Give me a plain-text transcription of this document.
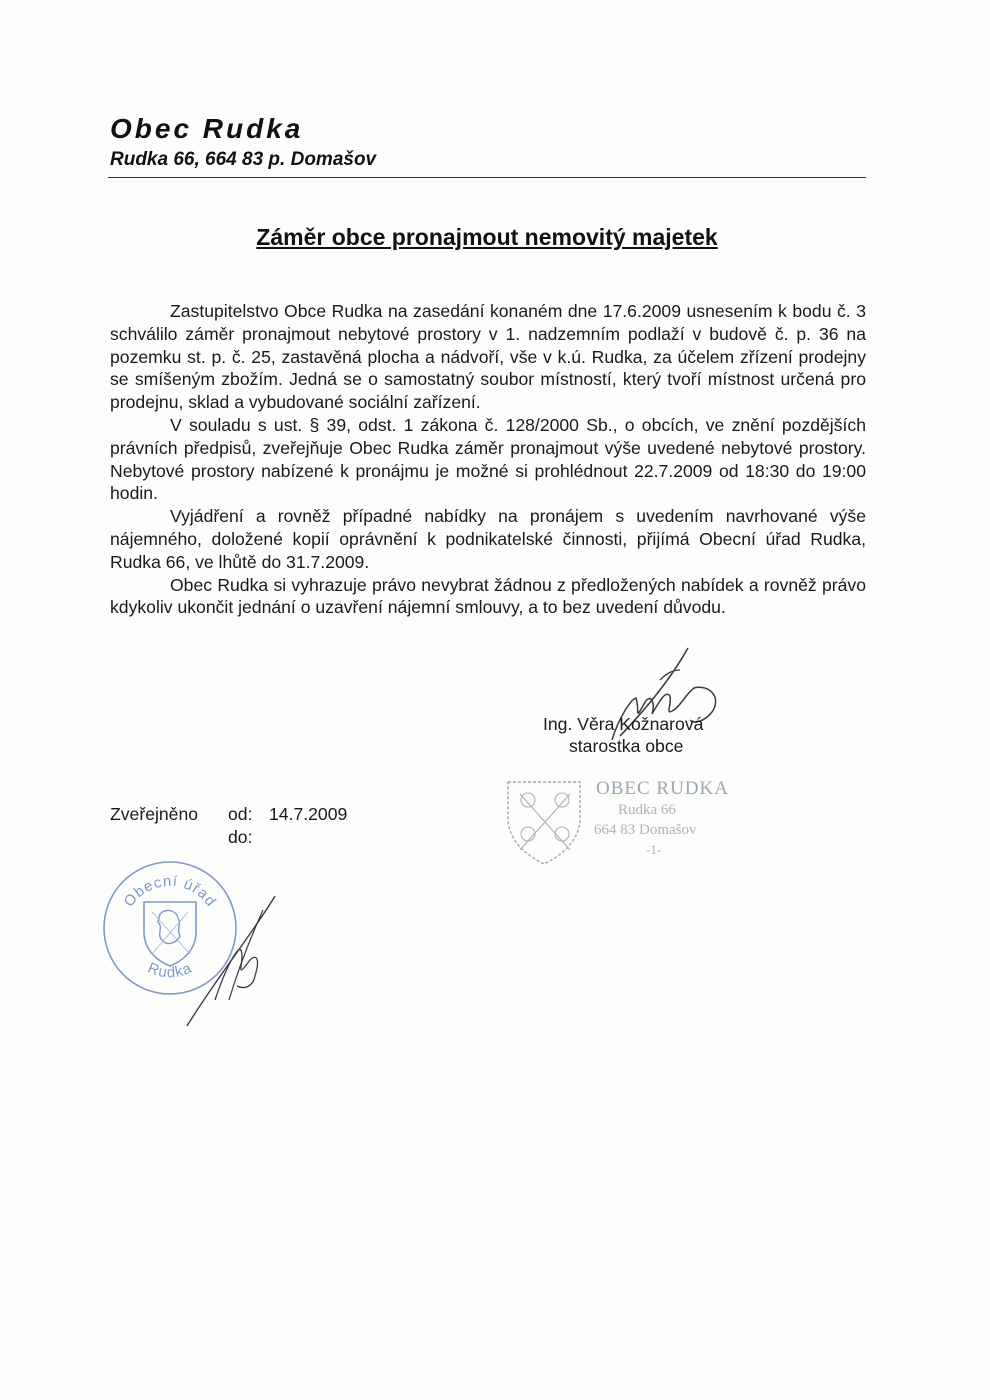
Obec Rudka
Rudka 66, 664 83 p. Domašov
Záměr obce pronajmout nemovitý majetek

Zastupitelstvo Obce Rudka na zasedání konaném dne 17.6.2009 usnesením k bodu č. 3 schválilo záměr pronajmout nebytové prostory v 1. nadzemním podlaží v budově č. p. 36 na pozemku st. p. č. 25, zastavěná plocha a nádvoří, vše v k.ú. Rudka, za účelem zřízení prodejny se smíšeným zbožím. Jedná se o samostatný soubor místností, který tvoří místnost určená pro prodejnu, sklad a vybudované sociální zařízení.

V souladu s ust. § 39, odst. 1 zákona č. 128/2000 Sb., o obcích, ve znění pozdějších právních předpisů, zveřejňuje Obec Rudka záměr pronajmout výše uvedené nebytové prostory. Nebytové prostory nabízené k pronájmu je možné si prohlédnout 22.7.2009 od 18:30 do 19:00 hodin.

Vyjádření a rovněž případné nabídky na pronájem s uvedením navrhované výše nájemného, doložené kopií oprávnění k podnikatelské činnosti, přijímá Obecní úřad Rudka, Rudka 66, ve lhůtě do 31.7.2009.

Obec Rudka si vyhrazuje právo nevybrat žádnou z předložených nabídek a rovněž právo kdykoliv ukončit jednání o uzavření nájemní smlouvy, a to bez uvedení důvodu.

Ing. Věra Kožnarová
starostka obce
OBEC RUDKA
Rudka 66
664 83 Domašov
-1-
Zveřejněno od: 14.7.2009
do:
Obecní úřad
Rudka
